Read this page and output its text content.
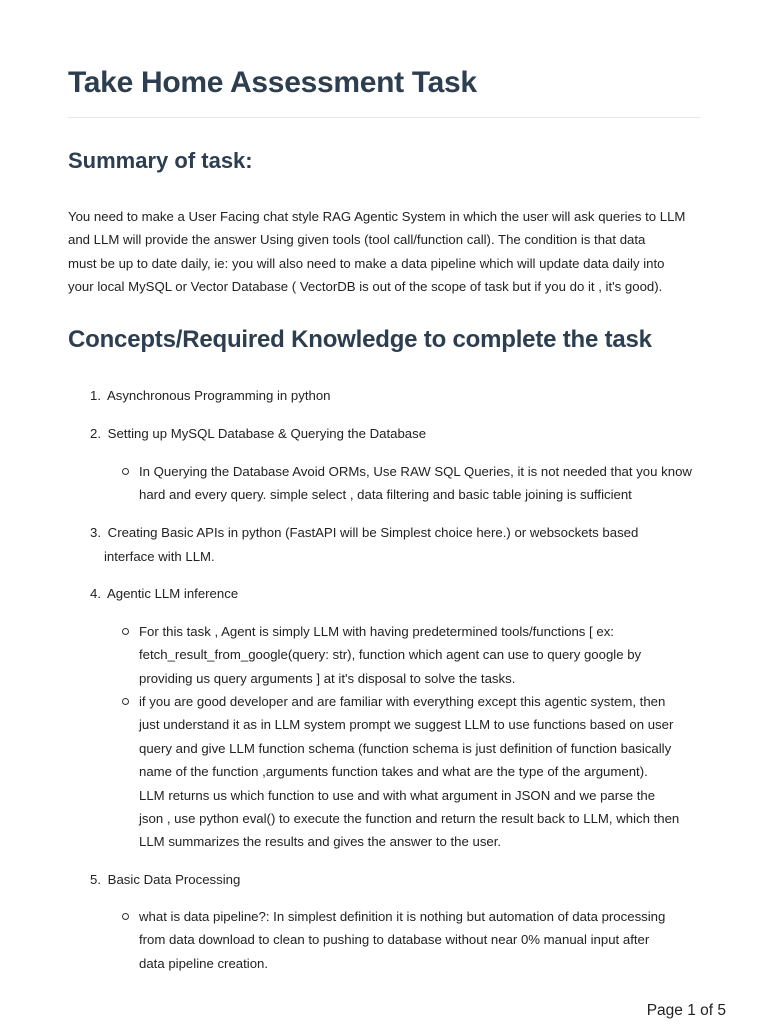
Take Home Assessment Task
Summary of task:

You need to make a User Facing chat style RAG Agentic System in which the user will ask queries to LLM
and LLM will provide the answer Using given tools (tool call/function call). The condition is that data
must be up to date daily, ie: you will also need to make a data pipeline which will update data daily into
your local MySQL or Vector Database ( VectorDB is out of the scope of task but if you do it , it's good).

Concepts/Required Knowledge to complete the task
1. Asynchronous Programming in python
2. Setting up MySQL Database & Querying the Database
In Querying the Database Avoid ORMs, Use RAW SQL Queries, it is not needed that you know
hard and every query. simple select , data filtering and basic table joining is sufficient
3. Creating Basic APIs in python (FastAPI will be Simplest choice here.) or websockets based
interface with LLM.
4. Agentic LLM inference
For this task , Agent is simply LLM with having predetermined tools/functions [ ex:
fetch_result_from_google(query: str), function which agent can use to query google by
providing us query arguments ] at it's disposal to solve the tasks.
if you are good developer and are familiar with everything except this agentic system, then
just understand it as in LLM system prompt we suggest LLM to use functions based on user
query and give LLM function schema (function schema is just definition of function basically
name of the function ,arguments function takes and what are the type of the argument).
LLM returns us which function to use and with what argument in JSON and we parse the
json , use python eval() to execute the function and return the result back to LLM, which then
LLM summarizes the results and gives the answer to the user.
5. Basic Data Processing
what is data pipeline?: In simplest definition it is nothing but automation of data processing
from data download to clean to pushing to database without near 0% manual input after
data pipeline creation.
Page 1 of 5
